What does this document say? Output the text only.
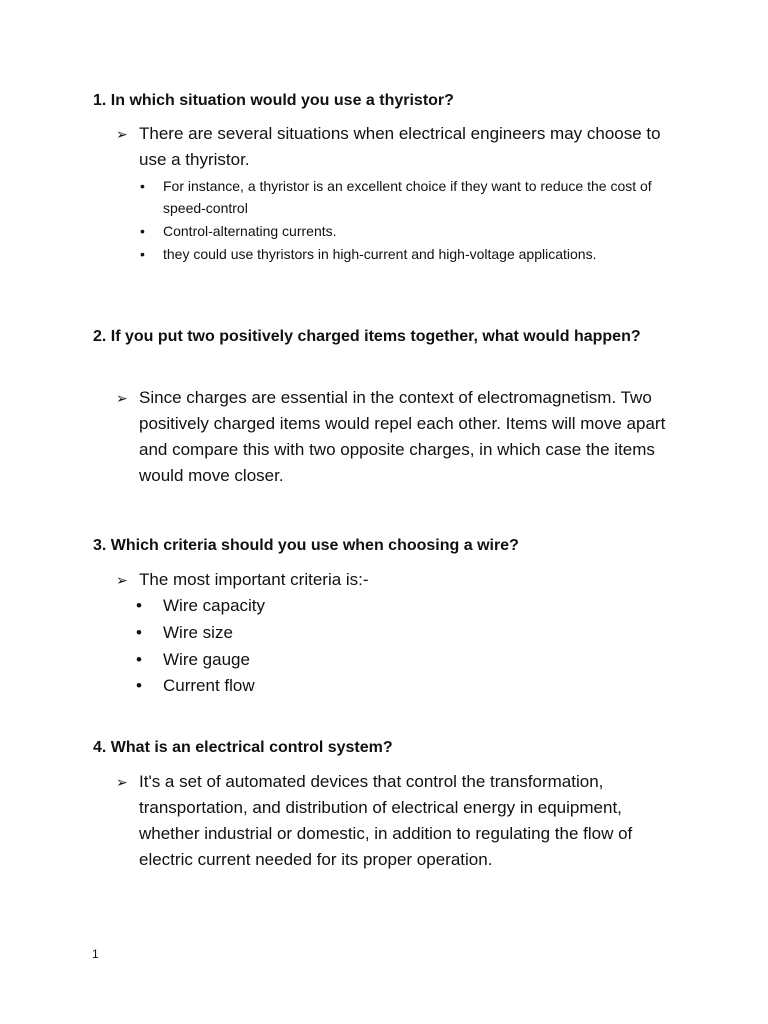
1. In which situation would you use a thyristor?
➢ There are several situations when electrical engineers may choose to use a thyristor.
•	For instance, a thyristor is an excellent choice if they want to reduce the cost of speed-control
•	Control-alternating currents.
•	they could use thyristors in high-current and high-voltage applications.
2. If you put two positively charged items together, what would happen?
➢ Since charges are essential in the context of electromagnetism. Two positively charged items would repel each other. Items will move apart and compare this with two opposite charges, in which case the items would move closer.
3. Which criteria should you use when choosing a wire?
➢ The most important criteria is:-
•	Wire capacity
•	Wire size
•	Wire gauge
•	Current flow
4. What is an electrical control system?
➢ It's a set of automated devices that control the transformation, transportation, and distribution of electrical energy in equipment, whether industrial or domestic, in addition to regulating the flow of electric current needed for its proper operation.
1
